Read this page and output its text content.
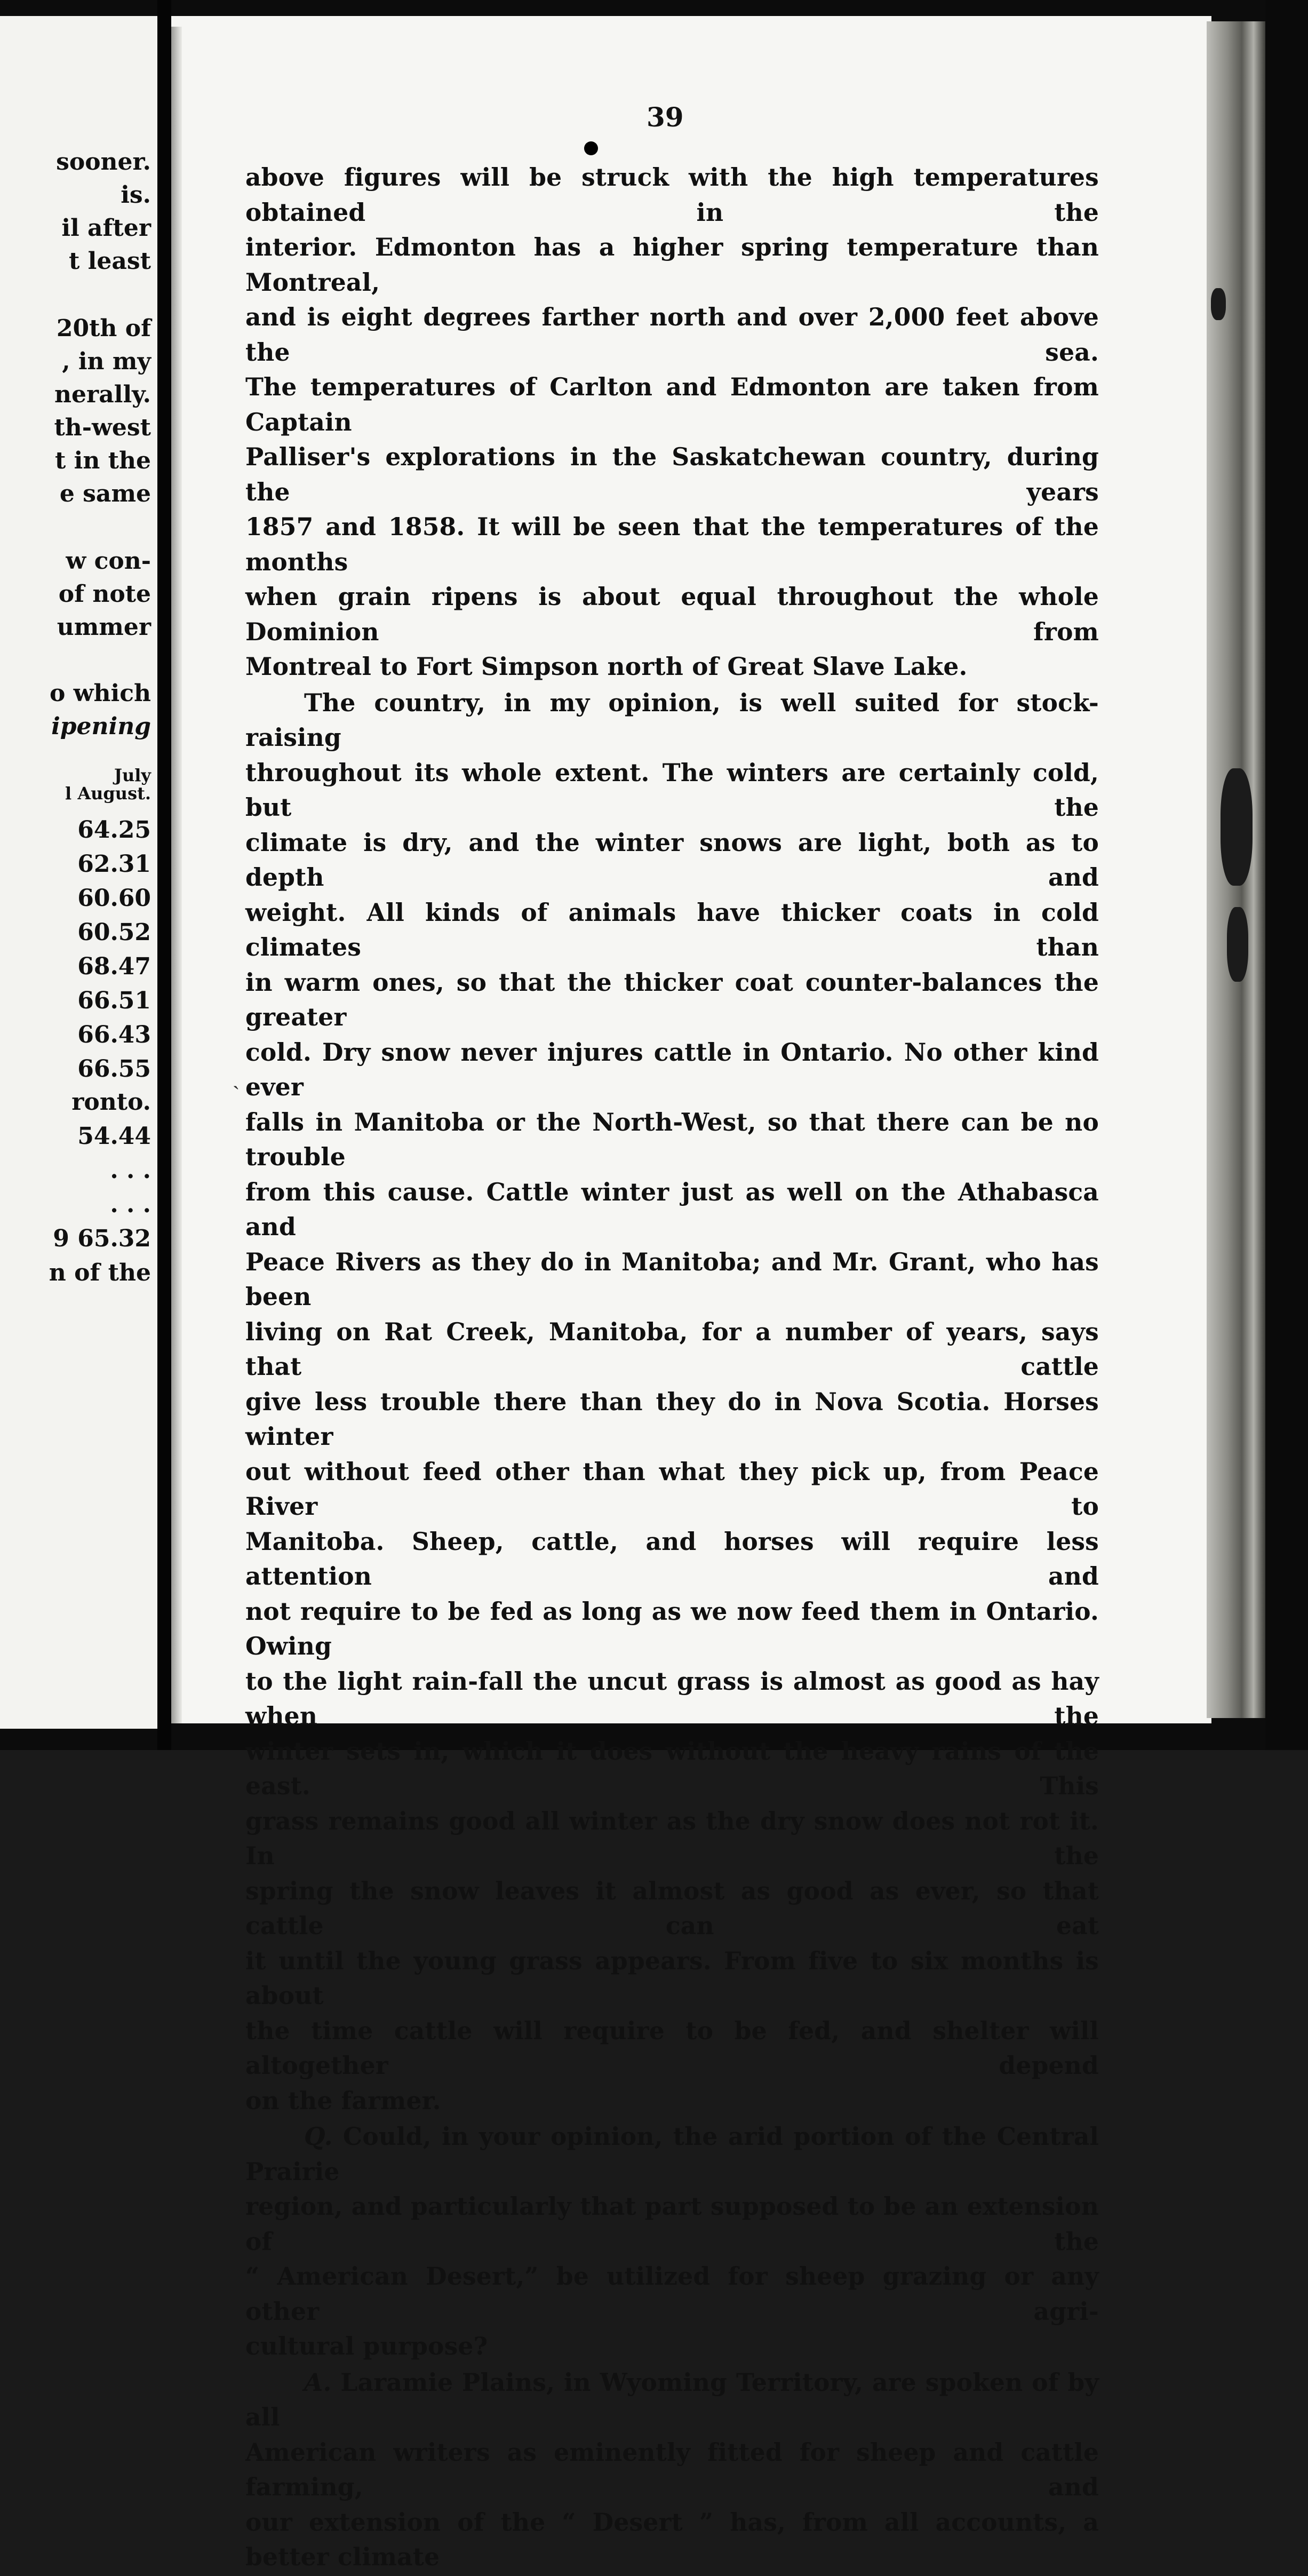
sooner.
is.
il after
t least
20th of
, in my
nerally.
th-west
t in the
e same
w con-
of note
ummer
o which
ipening
July
l August.
64.25
62.31
60.60
60.52
68.47
66.51
66.43
66.55
ronto.
54.44
. . .
. . .
9 65.32
n of the
39
ˎ

above figures will be struck with the high temperatures obtained in the

interior. Edmonton has a higher spring temperature than Montreal,

and is eight degrees farther north and over 2,000 feet above the sea.

The temperatures of Carlton and Edmonton are taken from Captain

Palliser's explorations in the Saskatchewan country, during the years

1857 and 1858. It will be seen that the temperatures of the months

when grain ripens is about equal throughout the whole Dominion from

Montreal to Fort Simpson north of Great Slave Lake.

The country, in my opinion, is well suited for stock-raising

throughout its whole extent. The winters are certainly cold, but the

climate is dry, and the winter snows are light, both as to depth and

weight. All kinds of animals have thicker coats in cold climates than

in warm ones, so that the thicker coat counter-balances the greater

cold. Dry snow never injures cattle in Ontario. No other kind ever

falls in Manitoba or the North-West, so that there can be no trouble

from this cause. Cattle winter just as well on the Athabasca and

Peace Rivers as they do in Manitoba; and Mr. Grant, who has been

living on Rat Creek, Manitoba, for a number of years, says that cattle

give less trouble there than they do in Nova Scotia. Horses winter

out without feed other than what they pick up, from Peace River to

Manitoba. Sheep, cattle, and horses will require less attention and

not require to be fed as long as we now feed them in Ontario. Owing

to the light rain-fall the uncut grass is almost as good as hay when the

winter sets in, which it does without the heavy rains of the east. This

grass remains good all winter as the dry snow does not rot it. In the

spring the snow leaves it almost as good as ever, so that cattle can eat

it until the young grass appears. From five to six months is about

the time cattle will require to be fed, and shelter will altogether depend

on the farmer.

Q. Could, in your opinion, the arid portion of the Central Prairie

region, and particularly that part supposed to be an extension of the

“ American Desert,” be utilized for sheep grazing or any other agri-

cultural purpose?

A. Laramie Plains, in Wyoming Territory, are spoken of by all

American writers as eminently fitted for sheep and cattle farming, and

our extension of the “ Desert ” has, from all accounts, a better climate
